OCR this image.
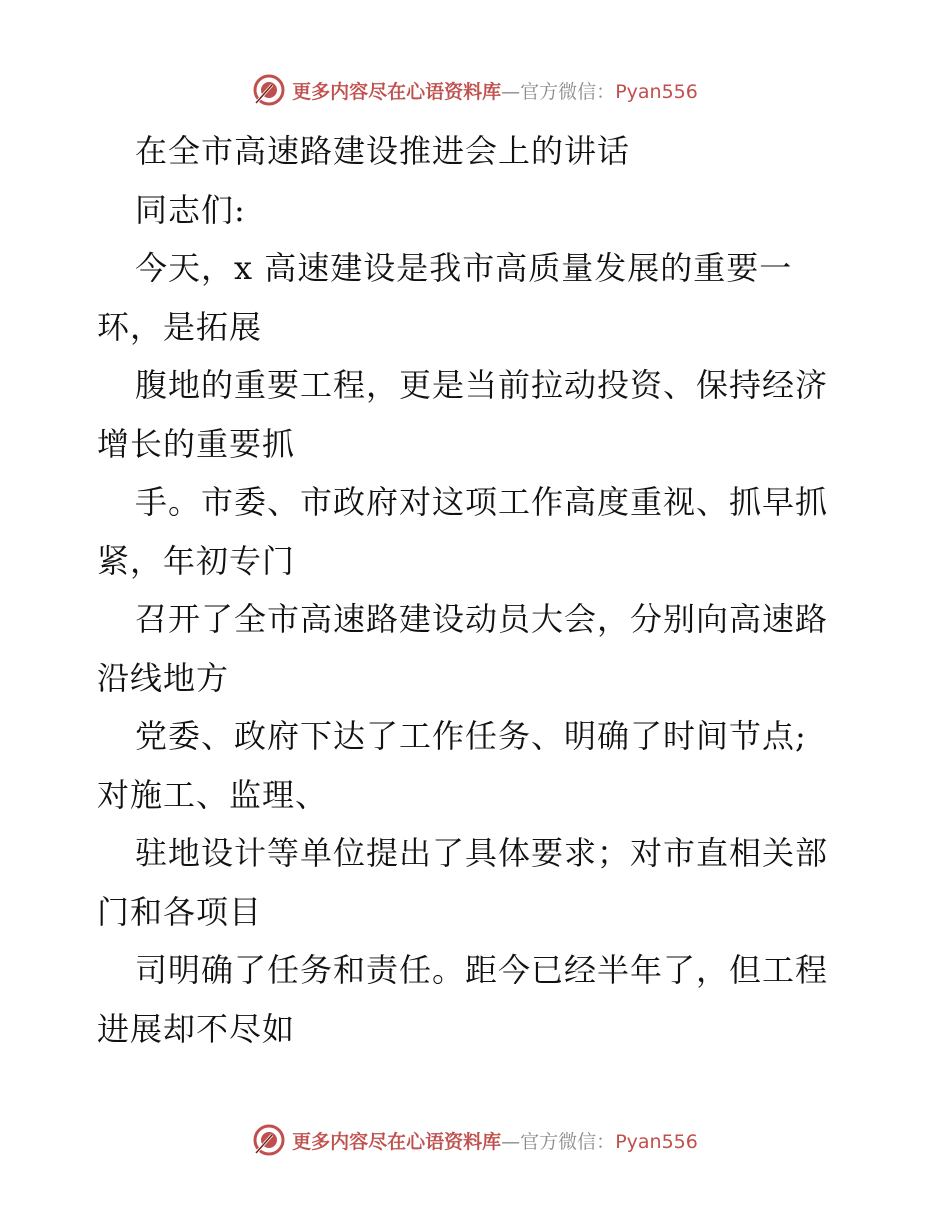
更多内容尽在心语资料库—官方微信：Pyan556
在全市高速路建设推进会上的讲话
同志们:
今天，x 高速建设是我市高质量发展的重要一
环，是拓展
腹地的重要工程，更是当前拉动投资、保持经济
增长的重要抓
手。市委、市政府对这项工作高度重视、抓早抓
紧，年初专门
召开了全市高速路建设动员大会，分别向高速路
沿线地方
党委、政府下达了工作任务、明确了时间节点;
对施工、监理、
驻地设计等单位提出了具体要求；对市直相关部
门和各项目
司明确了任务和责任。距今已经半年了，但工程
进展却不尽如
更多内容尽在心语资料库—官方微信：Pyan556
